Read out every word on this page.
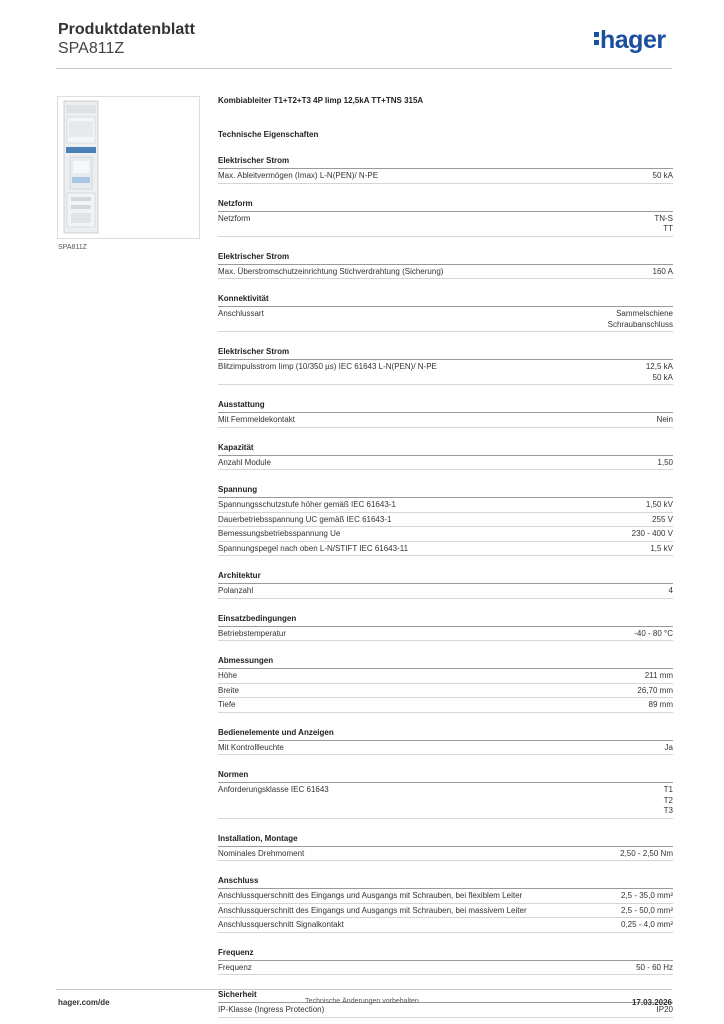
Produktdatenblatt
SPA811Z	hager
SPA811Z
Kombiableiter T1+T2+T3 4P Iimp 12,5kA TT+TNS 315A
Technische Eigenschaften
Elektrischer Strom
Max. Ableitvermögen (Imax) L-N(PEN)/ N-PE	50 kA
Netzform
Netzform	TN-S
TT
Elektrischer Strom
Max. Überstromschutzeinrichtung Stichverdrahtung (Sicherung)	160 A
Konnektivität
Anschlussart	Sammelschiene
Schraubanschluss
Elektrischer Strom
Blitzimpulsstrom Iimp (10/350 µs) IEC 61643 L-N(PEN)/ N-PE	12,5 kA
50 kA
Ausstattung
Mit Fernmeldekontakt	Nein
Kapazität
Anzahl Module	1,50
Spannung
Spannungsschutzstufe höher gemäß IEC 61643-1	1,50 kV
Dauerbetriebsspannung UC gemäß IEC 61643-1	255 V
Bemessungsbetriebsspannung Ue	230 - 400 V
Spannungspegel nach oben L-N/STIFT IEC 61643-11	1,5 kV
Architektur
Polanzahl	4
Einsatzbedingungen
Betriebstemperatur	-40 - 80 °C
Abmessungen
Höhe	211 mm
Breite	26,70 mm
Tiefe	89 mm
Bedienelemente und Anzeigen
Mit Kontrollleuchte	Ja
Normen
Anforderungsklasse IEC 61643	T1
T2
T3
Installation, Montage
Nominales Drehmoment	2,50 - 2,50 Nm
Anschluss
Anschlussquerschnitt des Eingangs und Ausgangs mit Schrauben, bei flexiblem Leiter	2,5 - 35,0 mm²
Anschlussquerschnitt des Eingangs und Ausgangs mit Schrauben, bei massivem Leiter	2,5 - 50,0 mm²
Anschlussquerschnitt Signalkontakt	0,25 - 4,0 mm²
Frequenz
Frequenz	50 - 60 Hz
Sicherheit
IP-Klasse (Ingress Protection)	IP20
hager.com/de	Technische Änderungen vorbehalten	17.03.2026
